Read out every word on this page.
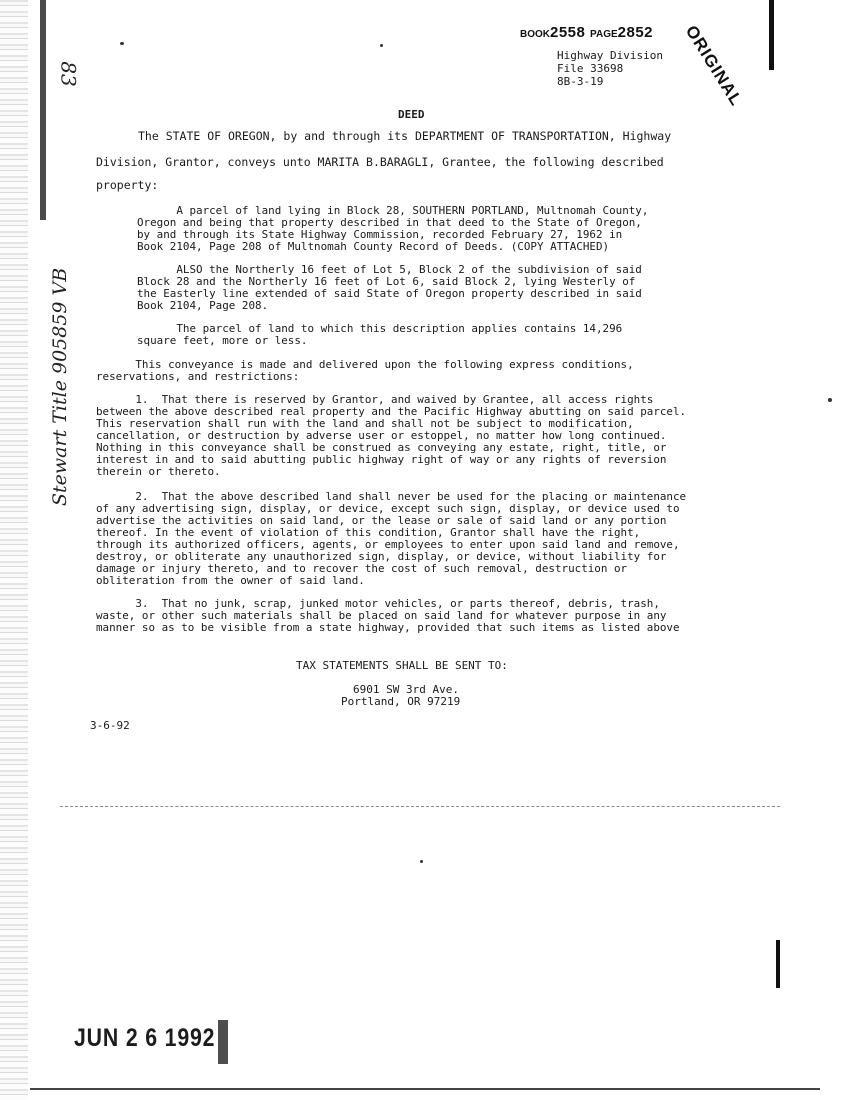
BOOK2558 PAGE2852
Highway Division
File 33698
8B-3-19	ORIGINAL
83
Stewart Title 905859 VB
DEED
The STATE OF OREGON, by and through its DEPARTMENT OF TRANSPORTATION, Highway
Division, Grantor, conveys unto MARITA B.BARAGLI, Grantee, the following described
property:
A parcel of land lying in Block 28, SOUTHERN PORTLAND, Multnomah County,
Oregon and being that property described in that deed to the State of Oregon,
by and through its State Highway Commission, recorded February 27, 1962 in
Book 2104, Page 208 of Multnomah County Record of Deeds. (COPY ATTACHED)
ALSO the Northerly 16 feet of Lot 5, Block 2 of the subdivision of said
Block 28 and the Northerly 16 feet of Lot 6, said Block 2, lying Westerly of
the Easterly line extended of said State of Oregon property described in said
Book 2104, Page 208.
The parcel of land to which this description applies contains 14,296
square feet, more or less.
This conveyance is made and delivered upon the following express conditions,
reservations, and restrictions:
1.  That there is reserved by Grantor, and waived by Grantee, all access rights
between the above described real property and the Pacific Highway abutting on said parcel.
This reservation shall run with the land and shall not be subject to modification,
cancellation, or destruction by adverse user or estoppel, no matter how long continued.
Nothing in this conveyance shall be construed as conveying any estate, right, title, or
interest in and to said abutting public highway right of way or any rights of reversion
therein or thereto.
2.  That the above described land shall never be used for the placing or maintenance
of any advertising sign, display, or device, except such sign, display, or device used to
advertise the activities on said land, or the lease or sale of said land or any portion
thereof. In the event of violation of this condition, Grantor shall have the right,
through its authorized officers, agents, or employees to enter upon said land and remove,
destroy, or obliterate any unauthorized sign, display, or device, without liability for
damage or injury thereto, and to recover the cost of such removal, destruction or
obliteration from the owner of said land.
3.  That no junk, scrap, junked motor vehicles, or parts thereof, debris, trash,
waste, or other such materials shall be placed on said land for whatever purpose in any
manner so as to be visible from a state highway, provided that such items as listed above
TAX STATEMENTS SHALL BE SENT TO:
6901 SW 3rd Ave.
Portland, OR 97219
3-6-92
JUN 2 6 1992
